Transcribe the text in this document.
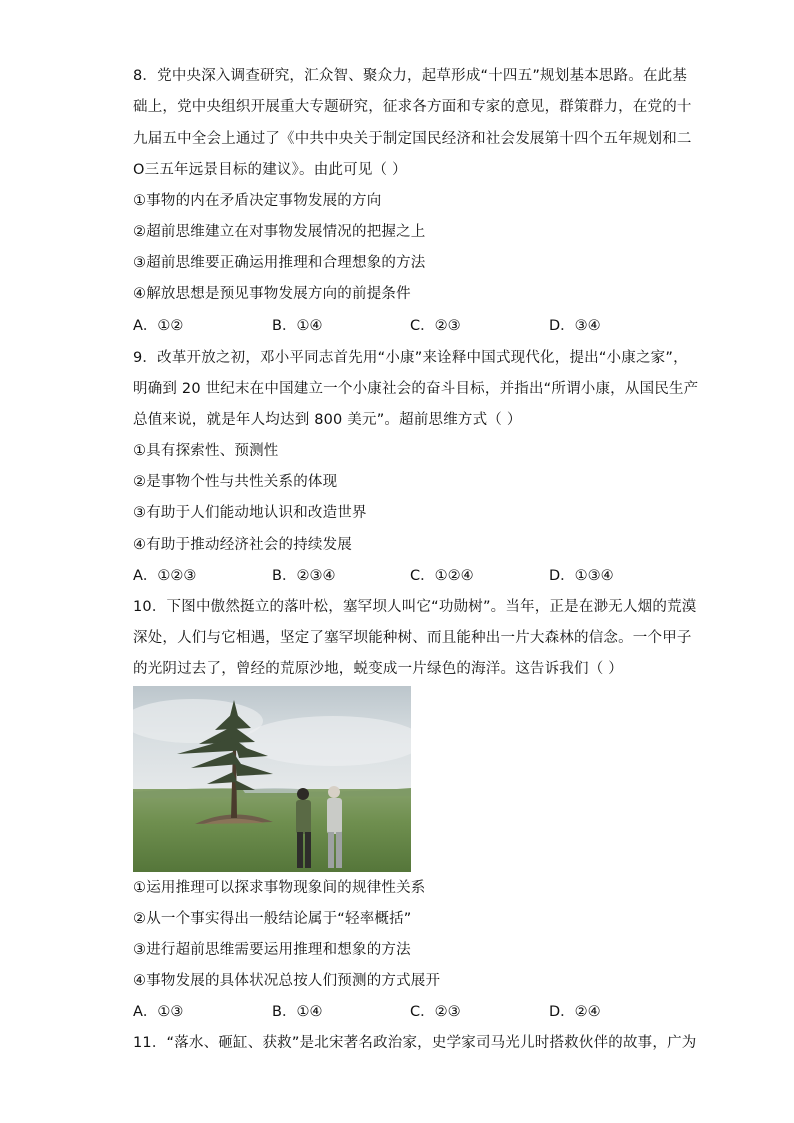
8．党中央深入调查研究，汇众智、聚众力，起草形成“十四五”规划基本思路。在此基
础上，党中央组织开展重大专题研究，征求各方面和专家的意见，群策群力，在党的十
九届五中全会上通过了《中共中央关于制定国民经济和社会发展第十四个五年规划和二
O三五年远景目标的建议》。由此可见（ ）
①事物的内在矛盾决定事物发展的方向
②超前思维建立在对事物发展情况的把握之上
③超前思维要正确运用推理和合理想象的方法
④解放思想是预见事物发展方向的前提条件
A．①②	B．①④	C．②③	D．③④
9．改革开放之初，邓小平同志首先用“小康”来诠释中国式现代化，提出“小康之家”，
明确到 20 世纪末在中国建立一个小康社会的奋斗目标，并指出“所谓小康，从国民生产
总值来说，就是年人均达到 800 美元”。超前思维方式（ ）
①具有探索性、预测性
②是事物个性与共性关系的体现
③有助于人们能动地认识和改造世界
④有助于推动经济社会的持续发展
A．①②③	B．②③④	C．①②④	D．①③④
10．下图中傲然挺立的落叶松，塞罕坝人叫它“功勋树”。当年，正是在渺无人烟的荒漠
深处，人们与它相遇，坚定了塞罕坝能种树、而且能种出一片大森林的信念。一个甲子
的光阴过去了，曾经的荒原沙地，蜕变成一片绿色的海洋。这告诉我们（ ）
①运用推理可以探求事物现象间的规律性关系
②从一个事实得出一般结论属于“轻率概括”
③进行超前思维需要运用推理和想象的方法
④事物发展的具体状况总按人们预测的方式展开
A．①③	B．①④	C．②③	D．②④
11．“落水、砸缸、获救”是北宋著名政治家，史学家司马光儿时搭救伙伴的故事，广为
